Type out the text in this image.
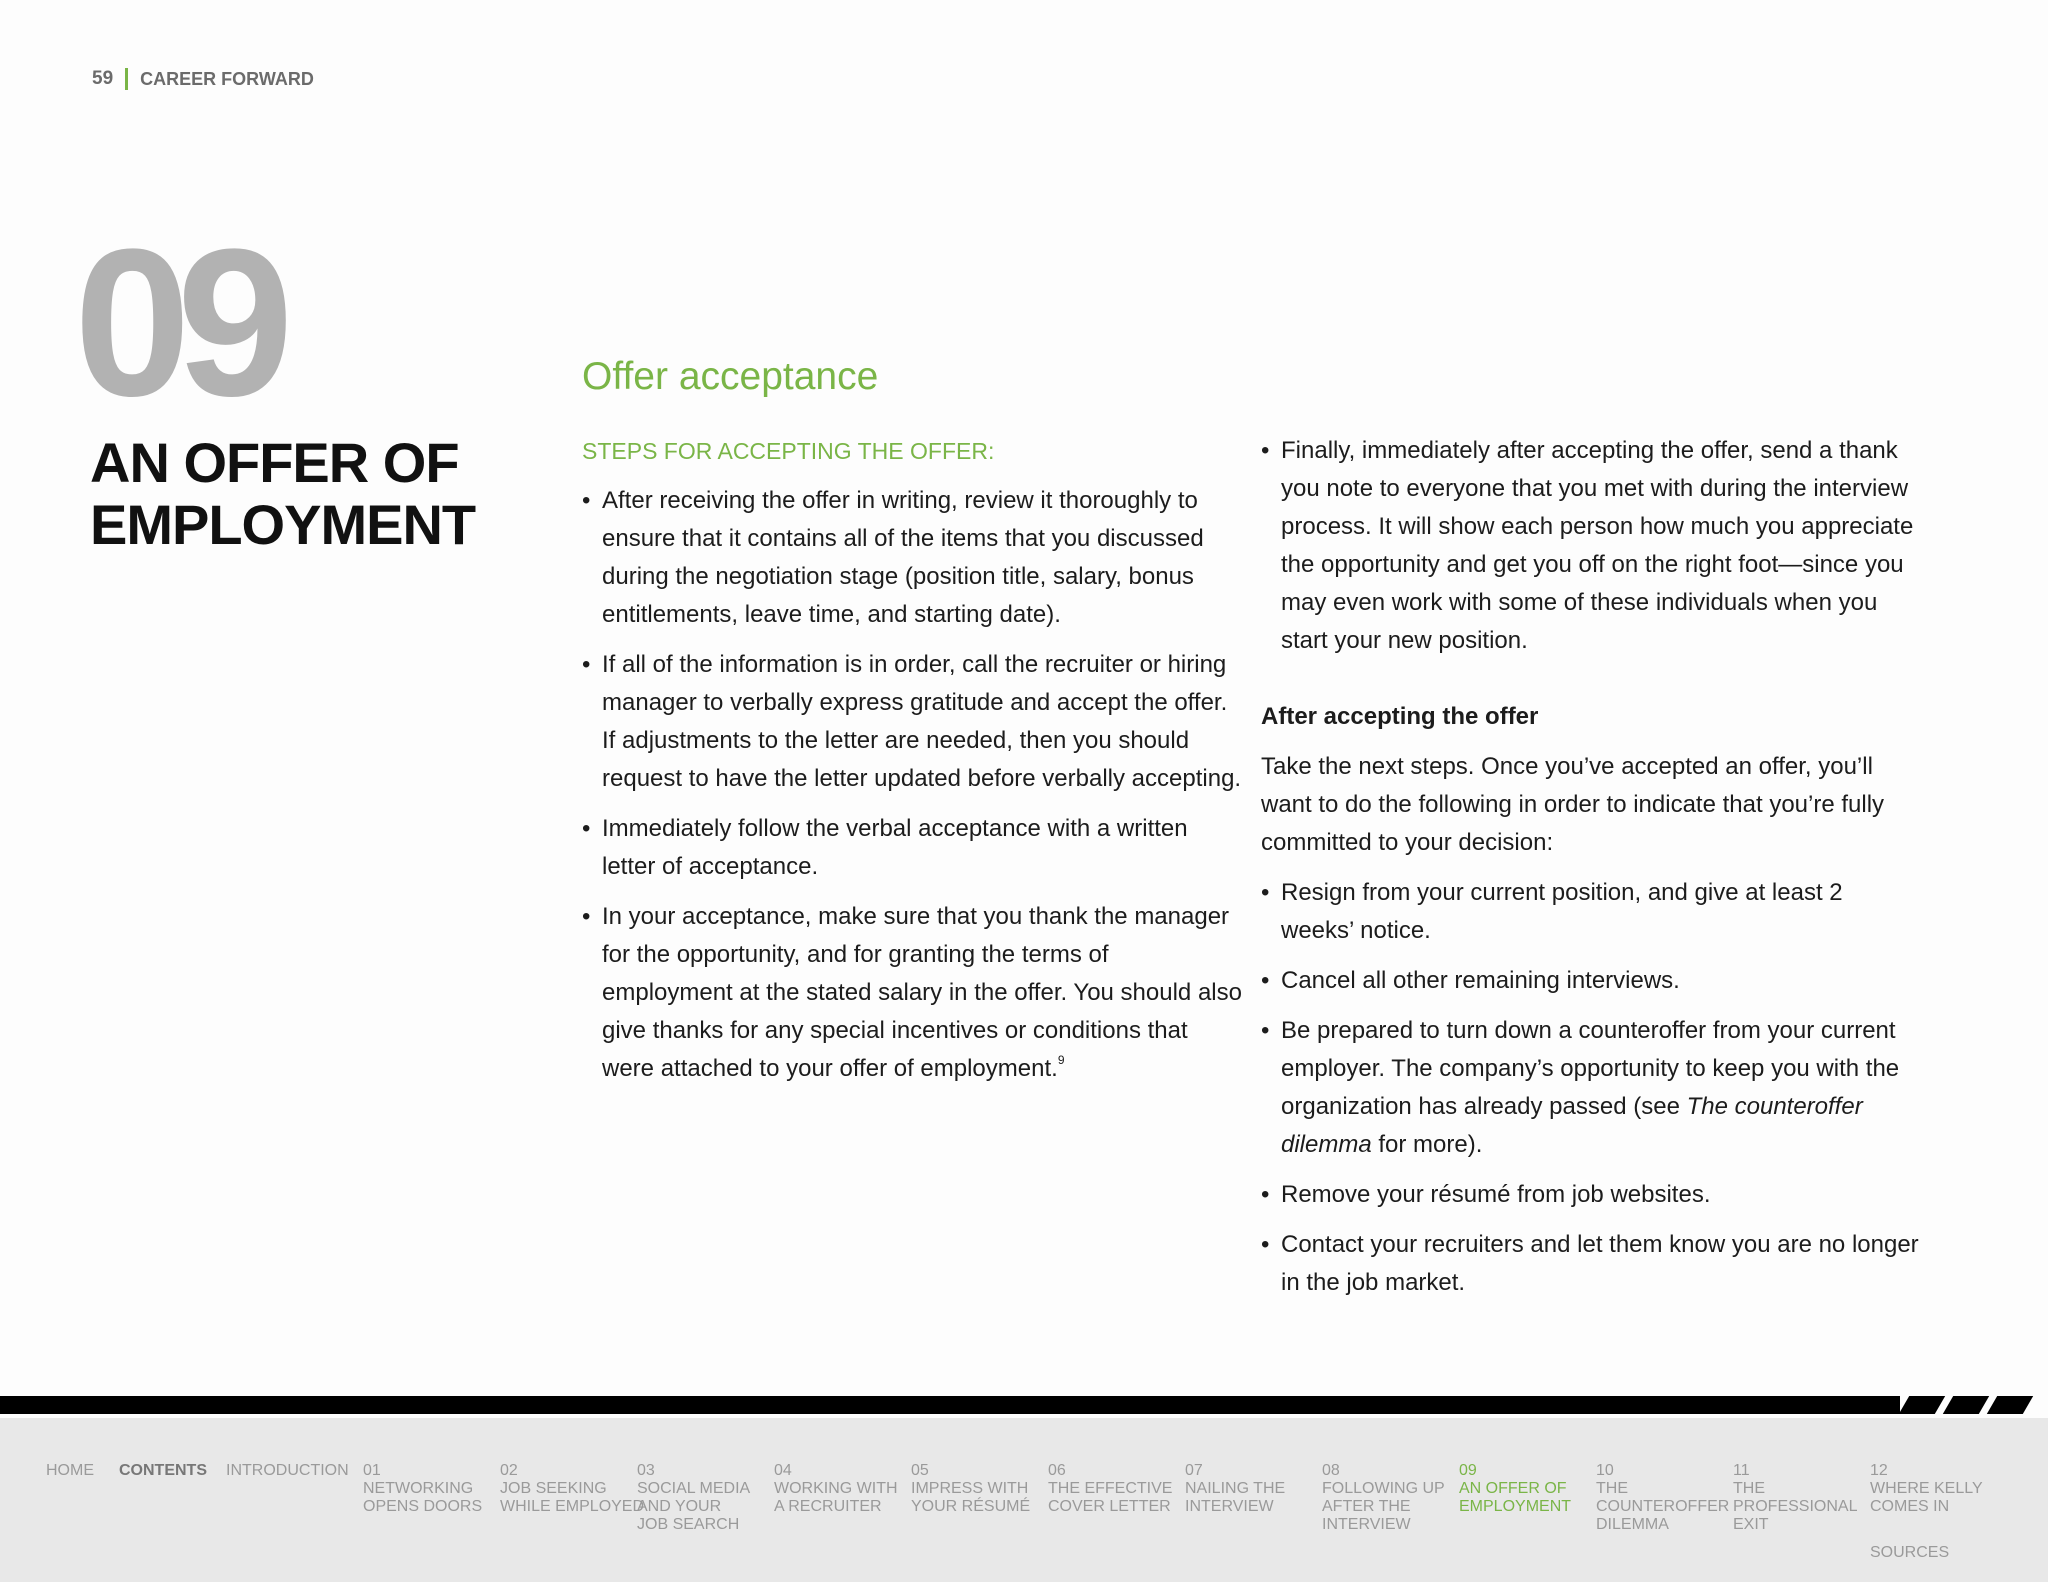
59 CAREER FORWARD
09
AN OFFER OF
EMPLOYMENT
Offer acceptance
STEPS FOR ACCEPTING THE OFFER:
• After receiving the offer in writing, review it thoroughly to ensure that it contains all of the items that you discussed during the negotiation stage (position title, salary, bonus entitlements, leave time, and starting date).
• If all of the information is in order, call the recruiter or hiring manager to verbally express gratitude and accept the offer. If adjustments to the letter are needed, then you should request to have the letter updated before verbally accepting.
• Immediately follow the verbal acceptance with a written letter of acceptance.
• In your acceptance, make sure that you thank the manager for the opportunity, and for granting the terms of employment at the stated salary in the offer. You should also give thanks for any special incentives or conditions that were attached to your offer of employment.$^9$
• Finally, immediately after accepting the offer, send a thank you note to everyone that you met with during the interview process. It will show each person how much you appreciate the opportunity and get you off on the right foot—since you may even work with some of these individuals when you start your new position.
After accepting the offer
Take the next steps. Once you’ve accepted an offer, you’ll want to do the following in order to indicate that you’re fully committed to your decision:
• Resign from your current position, and give at least 2 weeks’ notice.
• Cancel all other remaining interviews.
• Be prepared to turn down a counteroffer from your current employer. The company’s opportunity to keep you with the organization has already passed (see The counteroffer dilemma for more).
• Remove your résumé from job websites.
• Contact your recruiters and let them know you are no longer in the job market.
HOME CONTENTS INTRODUCTION 01
NETWORKING
OPENS DOORS
02
JOB SEEKING
WHILE EMPLOYED
03
SOCIAL MEDIA
AND YOUR
JOB SEARCH
04
WORKING WITH
A RECRUITER
05
IMPRESS WITH
YOUR RÉSUMÉ
06
THE EFFECTIVE
COVER LETTER
07
NAILING THE
INTERVIEW
08
FOLLOWING UP
AFTER THE
INTERVIEW
09
AN OFFER OF
EMPLOYMENT
10
THE
COUNTEROFFER
DILEMMA
11
THE
PROFESSIONAL
EXIT
12
WHERE KELLY
COMES IN
SOURCES
